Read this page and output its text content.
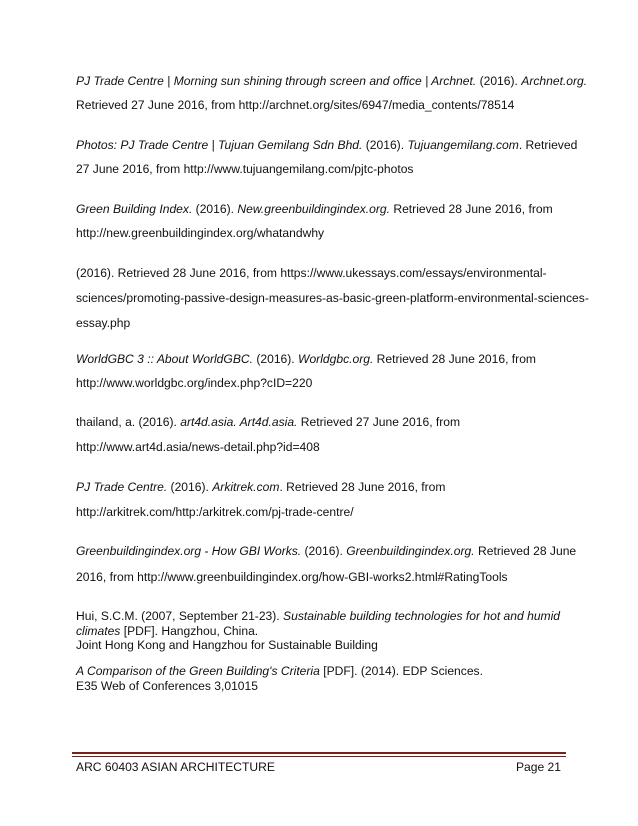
PJ Trade Centre | Morning sun shining through screen and office | Archnet. (2016). Archnet.org.

Retrieved 27 June 2016, from http://archnet.org/sites/6947/media_contents/78514

Photos: PJ Trade Centre | Tujuan Gemilang Sdn Bhd. (2016). Tujuangemilang.com. Retrieved

27 June 2016, from http://www.tujuangemilang.com/pjtc-photos

Green Building Index. (2016). New.greenbuildingindex.org. Retrieved 28 June 2016, from

http://new.greenbuildingindex.org/whatandwhy

(2016). Retrieved 28 June 2016, from https://www.ukessays.com/essays/environmental-

sciences/promoting-passive-design-measures-as-basic-green-platform-environmental-sciences-

essay.php

WorldGBC 3 :: About WorldGBC. (2016). Worldgbc.org. Retrieved 28 June 2016, from

http://www.worldgbc.org/index.php?cID=220

thailand, a. (2016). art4d.asia. Art4d.asia. Retrieved 27 June 2016, from

http://www.art4d.asia/news-detail.php?id=408

PJ Trade Centre. (2016). Arkitrek.com. Retrieved 28 June 2016, from

http://arkitrek.com/http:/arkitrek.com/pj-trade-centre/

Greenbuildingindex.org - How GBI Works. (2016). Greenbuildingindex.org. Retrieved 28 June

2016, from http://www.greenbuildingindex.org/how-GBI-works2.html#RatingTools

Hui, S.C.M. (2007, September 21-23). Sustainable building technologies for hot and humid

climates [PDF]. Hangzhou, China.

Joint Hong Kong and Hangzhou for Sustainable Building

A Comparison of the Green Building's Criteria [PDF]. (2014). EDP Sciences.

E35 Web of Conferences 3,01015

ARC 60403 ASIAN ARCHITECTURE	Page 21
